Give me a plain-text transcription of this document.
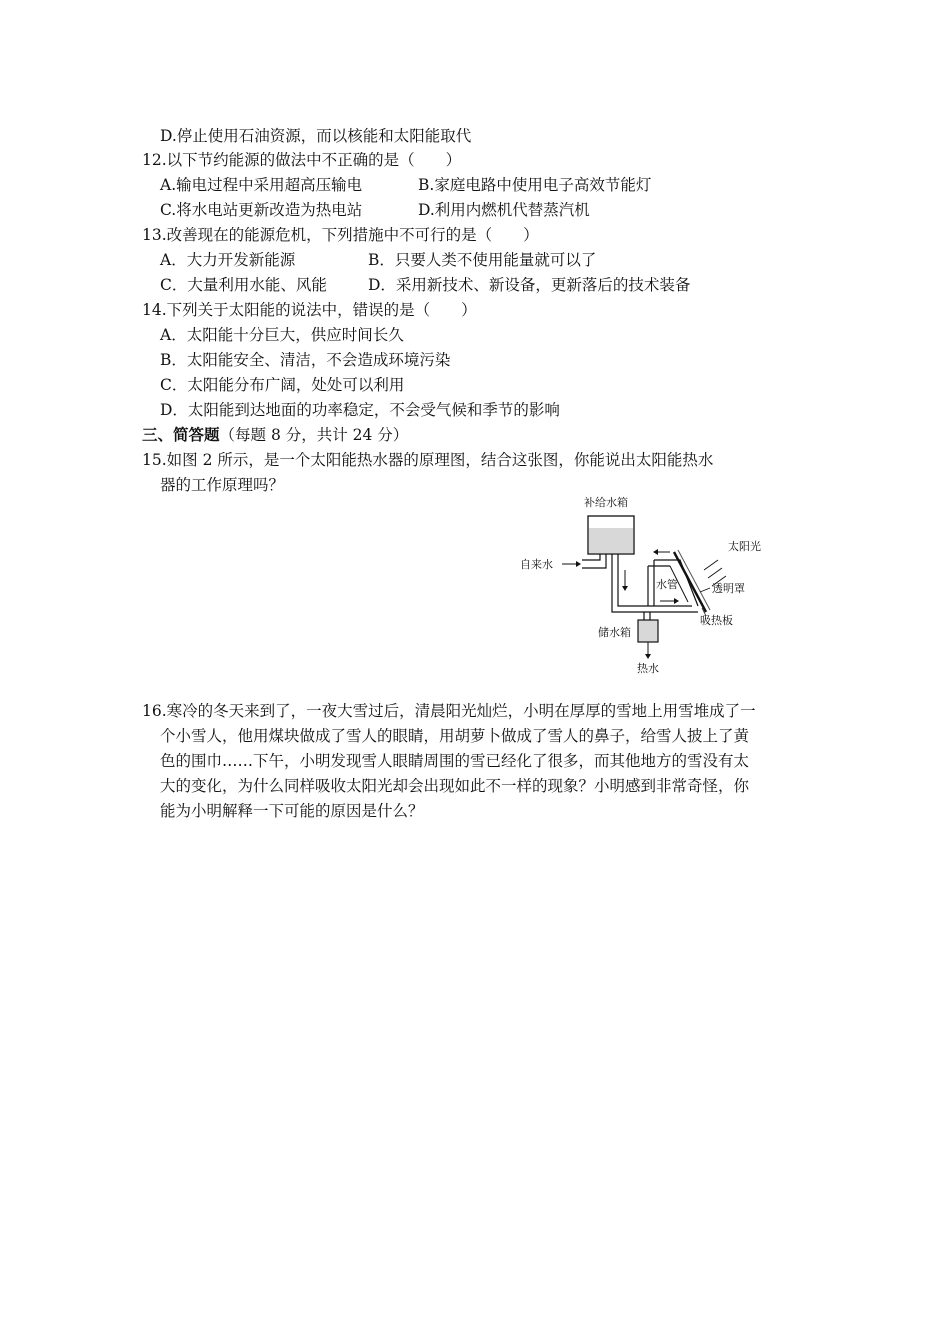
D.停止使用石油资源，而以核能和太阳能取代
12.以下节约能源的做法中不正确的是（　　）
A.输电过程中采用超高压输电	B.家庭电路中使用电子高效节能灯
C.将水电站更新改造为热电站	D.利用内燃机代替蒸汽机
13.改善现在的能源危机，下列措施中不可行的是（　　）
A．大力开发新能源	B．只要人类不使用能量就可以了
C．大量利用水能、风能	D．采用新技术、新设备，更新落后的技术装备
14.下列关于太阳能的说法中，错误的是（　　）
A．太阳能十分巨大，供应时间长久
B．太阳能安全、清洁，不会造成环境污染
C．太阳能分布广阔，处处可以利用
D．太阳能到达地面的功率稳定，不会受气候和季节的影响
三、简答题（每题 8 分，共计 24 分）
15.如图 2 所示，是一个太阳能热水器的原理图，结合这张图，你能说出太阳能热水
器的工作原理吗？
补给水箱
自来水
水管
太阳光
透明罩
吸热板
储水箱
热水
16.寒冷的冬天来到了，一夜大雪过后，清晨阳光灿烂，小明在厚厚的雪地上用雪堆成了一
个小雪人，他用煤块做成了雪人的眼睛，用胡萝卜做成了雪人的鼻子，给雪人披上了黄
色的围巾……下午，小明发现雪人眼睛周围的雪已经化了很多，而其他地方的雪没有太
大的变化，为什么同样吸收太阳光却会出现如此不一样的现象？小明感到非常奇怪，你
能为小明解释一下可能的原因是什么？
